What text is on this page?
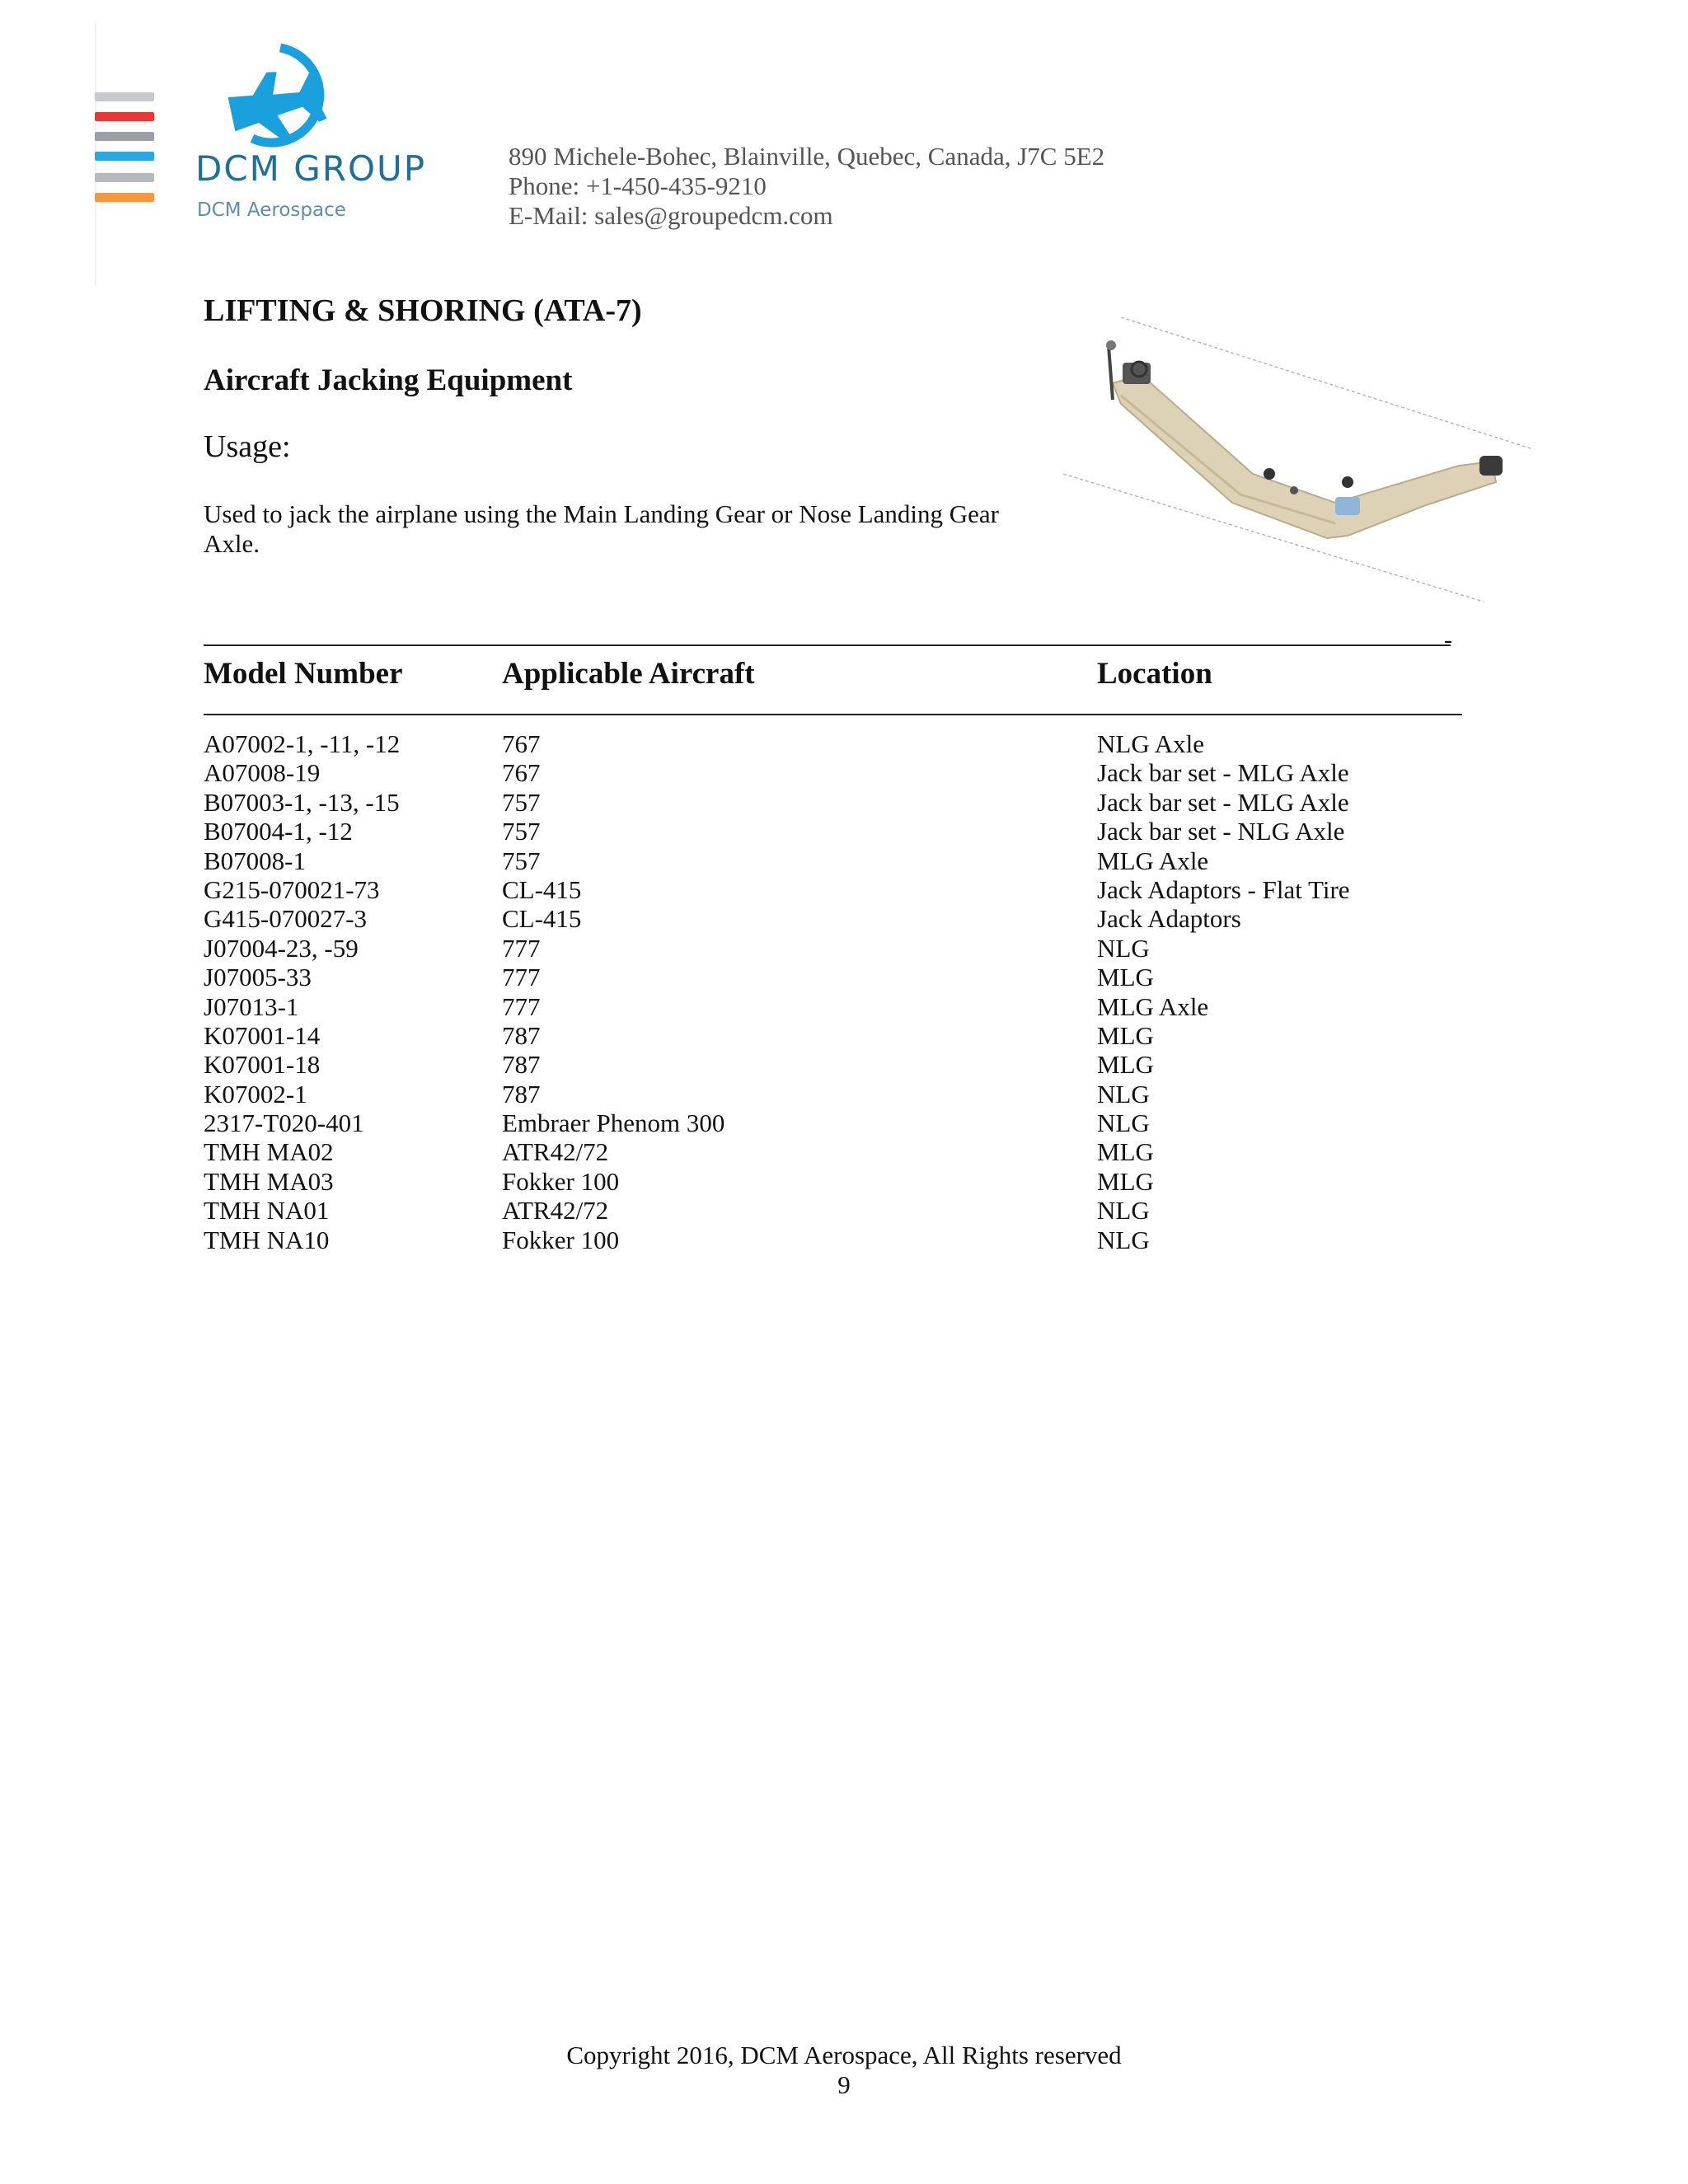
DCM GROUP
DCM Aerospace
890 Michele-Bohec, Blainville, Quebec, Canada, J7C 5E2
Phone: +1-450-435-9210
E-Mail: sales@groupedcm.com
LIFTING & SHORING (ATA-7)
Aircraft Jacking Equipment
Usage:
Used to jack the airplane using the Main Landing Gear or Nose Landing Gear Axle.
-
Model Number	Applicable Aircraft	Location
A07002-1, -11, -12	767	NLG Axle
A07008-19	767	Jack bar set - MLG Axle
B07003-1, -13, -15	757	Jack bar set - MLG Axle
B07004-1, -12	757	Jack bar set - NLG Axle
B07008-1	757	MLG Axle
G215-070021-73	CL-415	Jack Adaptors - Flat Tire
G415-070027-3	CL-415	Jack Adaptors
J07004-23, -59	777	NLG
J07005-33	777	MLG
J07013-1	777	MLG Axle
K07001-14	787	MLG
K07001-18	787	MLG
K07002-1	787	NLG
2317-T020-401	Embraer Phenom 300	NLG
TMH MA02	ATR42/72	MLG
TMH MA03	Fokker 100	MLG
TMH NA01	ATR42/72	NLG
TMH NA10	Fokker 100	NLG
Copyright 2016, DCM Aerospace, All Rights reserved
9
